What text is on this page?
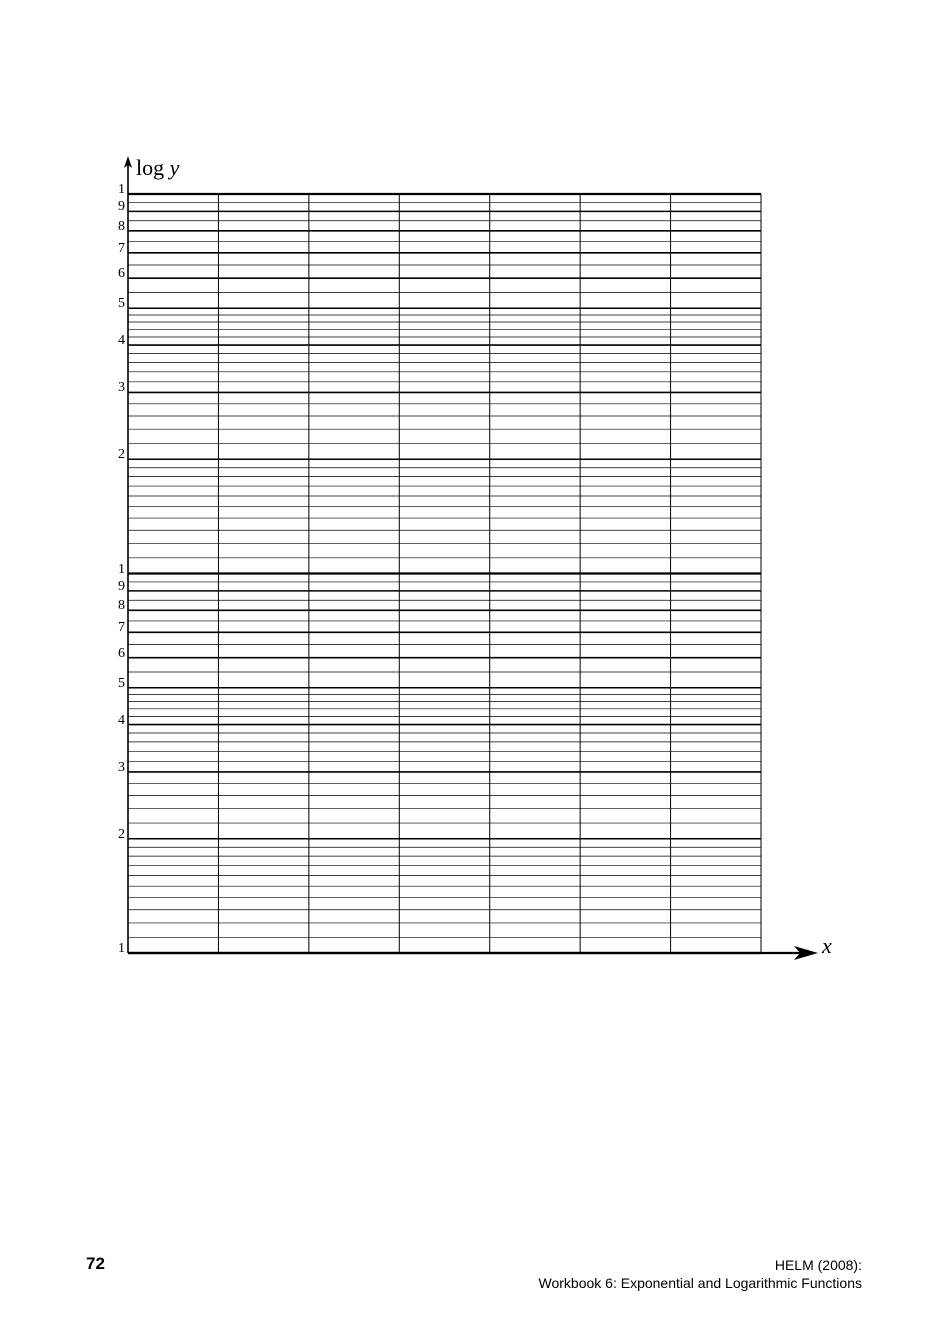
log y
x
1
2
3
4
5
6
7
8
9
1
2
3
4
5
6
7
8
9
1
72	HELM (2008):
Workbook 6: Exponential and Logarithmic Functions
